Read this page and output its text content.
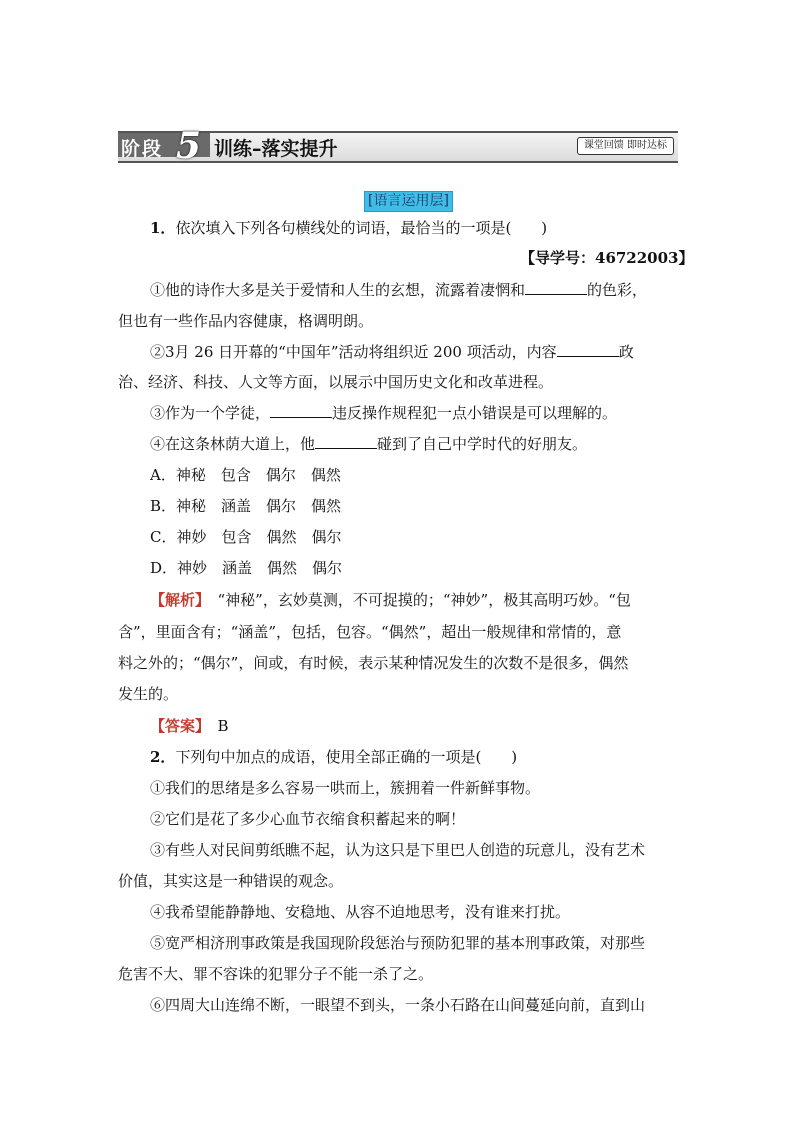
阶段 5 训练–落实提升	课堂回馈 即时达标
[语言运用层]
1．依次填入下列各句横线处的词语，最恰当的一项是(　　)
【导学号：46722003】
①他的诗作大多是关于爱情和人生的玄想，流露着凄惘和	的色彩，
但也有一些作品内容健康，格调明朗。
②3月 26 日开幕的“中国年”活动将组织近 200 项活动，内容	政
治、经济、科技、人文等方面，以展示中国历史文化和改革进程。
③作为一个学徒，	违反操作规程犯一点小错误是可以理解的。
④在这条林荫大道上，他	碰到了自己中学时代的好朋友。
A．神秘　包含　偶尔　偶然
B．神秘　涵盖　偶尔　偶然
C．神妙　包含　偶然　偶尔
D．神妙　涵盖　偶然　偶尔
【解析】　“神秘”，玄妙莫测，不可捉摸的；“神妙”，极其高明巧妙。“包
含”，里面含有；“涵盖”，包括，包容。“偶然”，超出一般规律和常情的，意
料之外的；“偶尔”，间或，有时候，表示某种情况发生的次数不是很多，偶然
发生的。
【答案】　B
2．下列句中加点的成语，使用全部正确的一项是(　　)
①我们的思绪是多么容易一哄而上，簇拥着一件新鲜事物。
②它们是花了多少心血节衣缩食积蓄起来的啊！
③有些人对民间剪纸瞧不起，认为这只是下里巴人创造的玩意儿，没有艺术
价值，其实这是一种错误的观念。
④我希望能静静地、安稳地、从容不迫地思考，没有谁来打扰。
⑤宽严相济刑事政策是我国现阶段惩治与预防犯罪的基本刑事政策，对那些
危害不大、罪不容诛的犯罪分子不能一杀了之。
⑥四周大山连绵不断，一眼望不到头，一条小石路在山间蔓延向前，直到山
